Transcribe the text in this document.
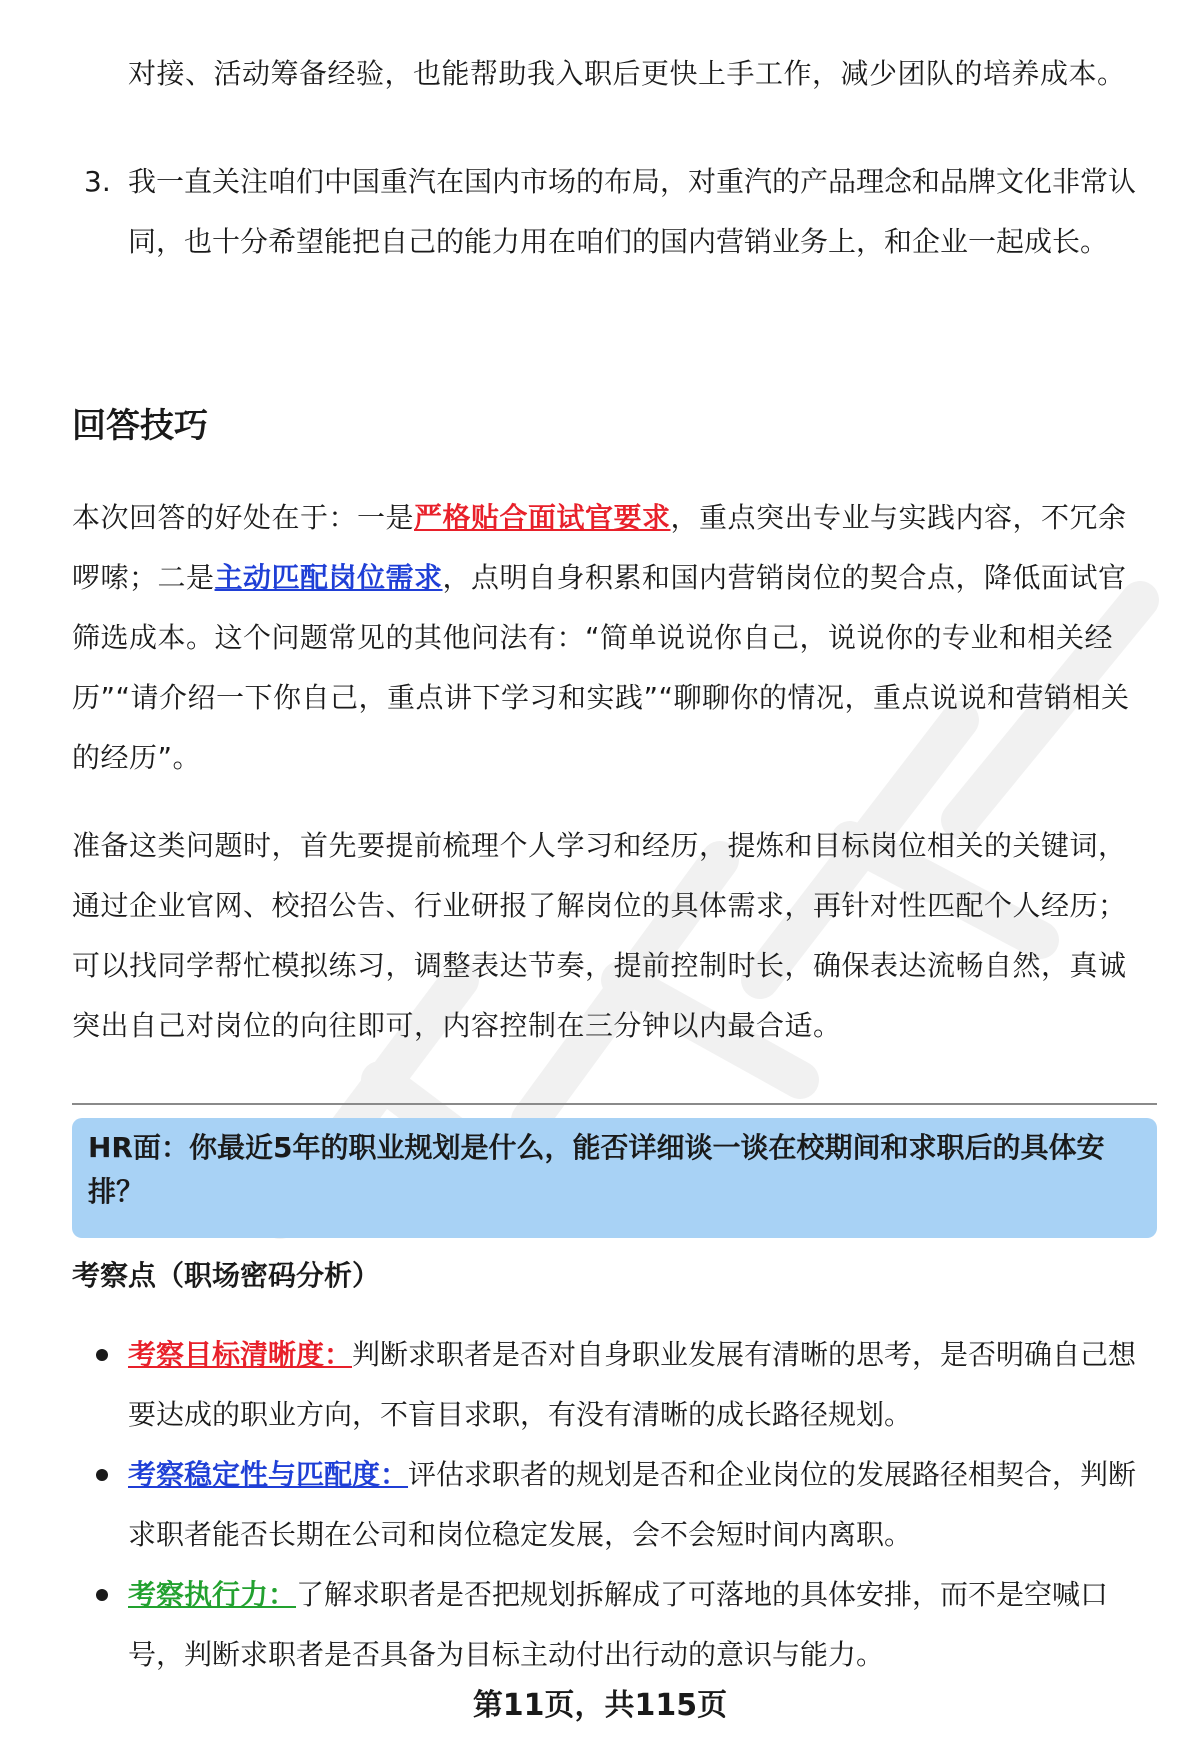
对接、活动筹备经验，也能帮助我入职后更快上手工作，减少团队的培养成本。

3. 我一直关注咱们中国重汽在国内市场的布局，对重汽的产品理念和品牌文化非常认同，也十分希望能把自己的能力用在咱们的国内营销业务上，和企业一起成长。

回答技巧

本次回答的好处在于：一是严格贴合面试官要求，重点突出专业与实践内容，不冗余啰嗦；二是主动匹配岗位需求，点明自身积累和国内营销岗位的契合点，降低面试官筛选成本。这个问题常见的其他问法有：“简单说说你自己，说说你的专业和相关经历”“请介绍一下你自己，重点讲下学习和实践”“聊聊你的情况，重点说说和营销相关的经历”。

准备这类问题时，首先要提前梳理个人学习和经历，提炼和目标岗位相关的关键词，通过企业官网、校招公告、行业研报了解岗位的具体需求，再针对性匹配个人经历；可以找同学帮忙模拟练习，调整表达节奏，提前控制时长，确保表达流畅自然，真诚突出自己对岗位的向往即可，内容控制在三分钟以内最合适。

HR面：你最近5年的职业规划是什么，能否详细谈一谈在校期间和求职后的具体安排？

考察点（职场密码分析）

考察目标清晰度：判断求职者是否对自身职业发展有清晰的思考，是否明确自己想要达成的职业方向，不盲目求职，有没有清晰的成长路径规划。

考察稳定性与匹配度：评估求职者的规划是否和企业岗位的发展路径相契合，判断求职者能否长期在公司和岗位稳定发展，会不会短时间内离职。

考察执行力：了解求职者是否把规划拆解成了可落地的具体安排，而不是空喊口号，判断求职者是否具备为目标主动付出行动的意识与能力。

第11页，共115页
